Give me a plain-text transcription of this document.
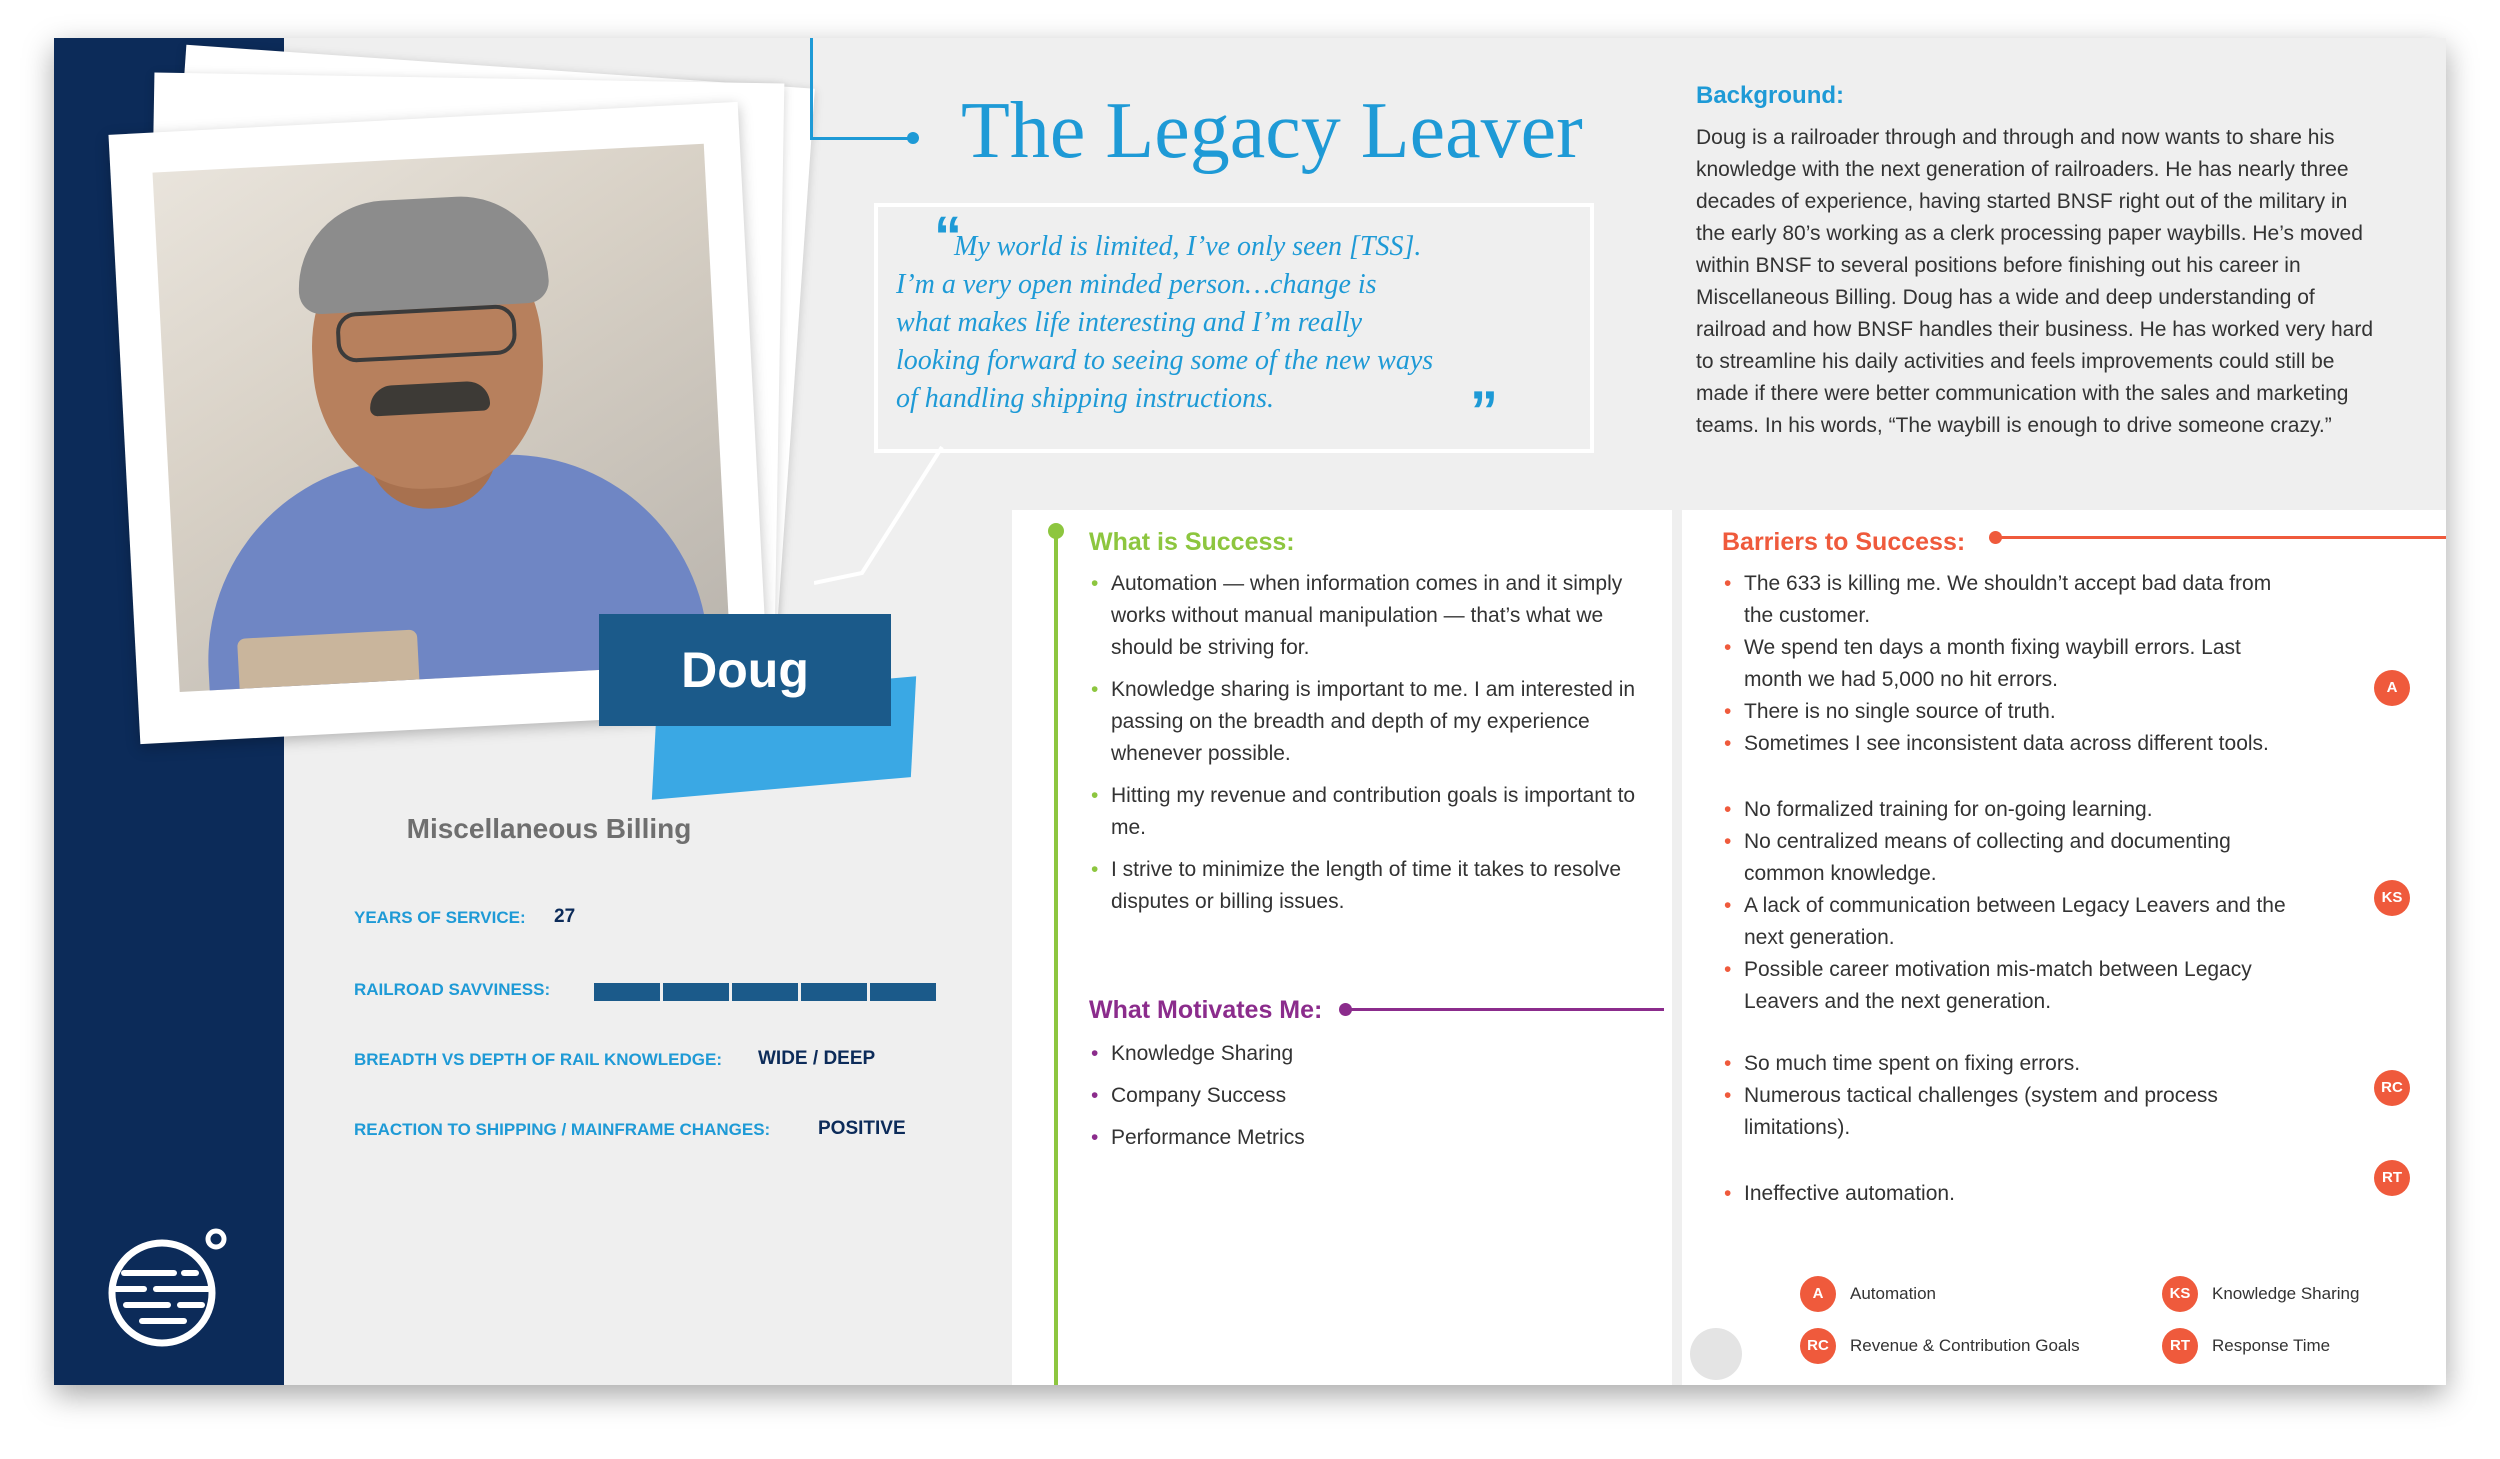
Doug
Miscellaneous Billing
YEARS OF SERVICE: 27
RAILROAD SAVVINESS:
BREADTH VS DEPTH OF RAIL KNOWLEDGE: WIDE / DEEP
REACTION TO SHIPPING / MAINFRAME CHANGES:	POSITIVE
The Legacy Leaver
“
My world is limited, I’ve only seen [TSS].
I’m a very open minded person…change is
what makes life interesting and I’m really
looking forward to seeing some of the new ways
of handling shipping instructions.	”
Background:
Doug is a railroader through and through and now wants to share his
knowledge with the next generation of railroaders. He has nearly three
decades of experience, having started BNSF right out of the military in
the early 80’s working as a clerk processing paper waybills. He’s moved
within BNSF to several positions before finishing out his career in
Miscellaneous Billing. Doug has a wide and deep understanding of
railroad and how BNSF handles their business. He has worked very hard
to streamline his daily activities and feels improvements could still be
made if there were better communication with the sales and marketing
teams. In his words, “The waybill is enough to drive someone crazy.”
What is Success:
• Automation — when information comes in and it simply
works without manual manipulation — that’s what we
should be striving for.
• Knowledge sharing is important to me. I am interested in
passing on the breadth and depth of my experience
whenever possible.
• Hitting my revenue and contribution goals is important to
me.
• I strive to minimize the length of time it takes to resolve
disputes or billing issues.
What Motivates Me:
• Knowledge Sharing
• Company Success
• Performance Metrics
Barriers to Success:
• The 633 is killing me. We shouldn’t accept bad data from
the customer.
• We spend ten days a month fixing waybill errors. Last
month we had 5,000 no hit errors.
• There is no single source of truth.
• Sometimes I see inconsistent data across different tools.
A
• No formalized training for on-going learning.
• No centralized means of collecting and documenting
common knowledge.
• A lack of communication between Legacy Leavers and the
next generation.
• Possible career motivation mis-match between Legacy
Leavers and the next generation.
KS
• So much time spent on fixing errors.
• Numerous tactical challenges (system and process
limitations).
RC
• Ineffective automation.
RT
A	Automation	KS	Knowledge Sharing
RC	Revenue & Contribution Goals	RT	Response Time
